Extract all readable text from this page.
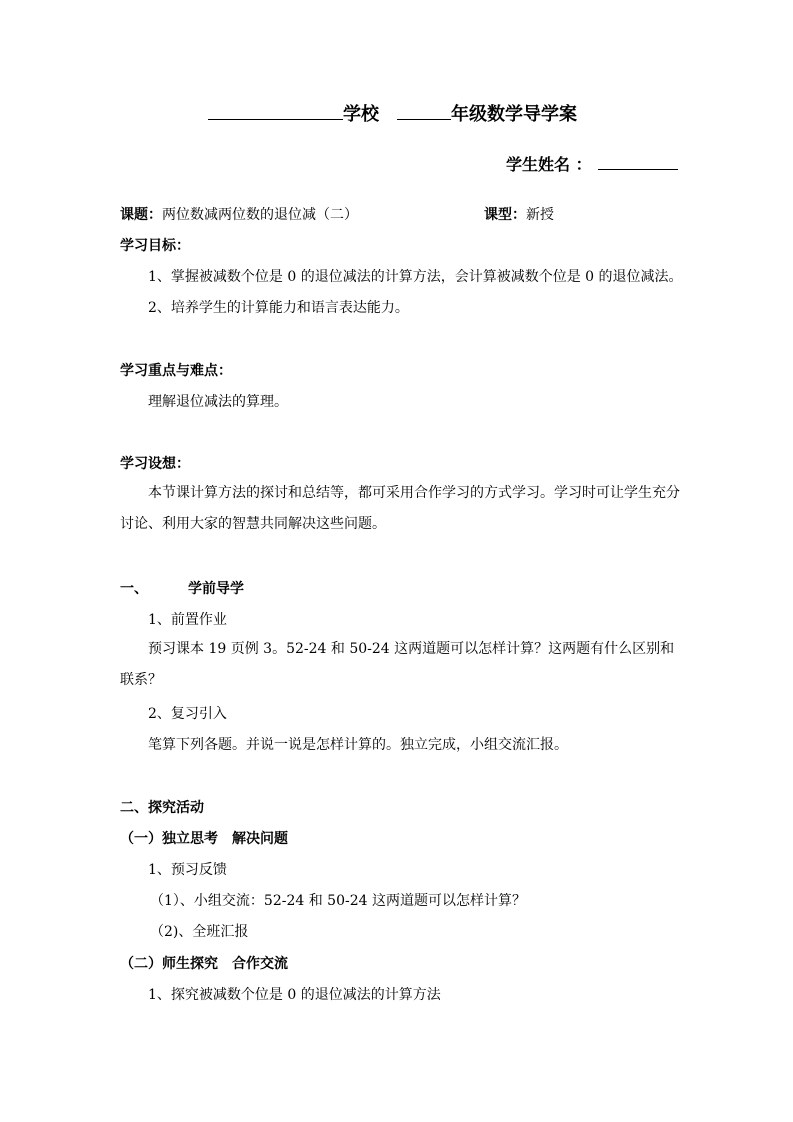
学校	年级数学导学案
学生姓名 ：
课题：两位数减两位数的退位减（二）	课型：新授
学习目标：
1、掌握被减数个位是 0 的退位减法的计算方法，会计算被减数个位是 0 的退位减法。
2、培养学生的计算能力和语言表达能力。
学习重点与难点：
理解退位减法的算理。
学习设想：
本节课计算方法的探讨和总结等，都可采用合作学习的方式学习。学习时可让学生充分讨论、利用大家的智慧共同解决这些问题。
一、	学前导学
1、前置作业
预习课本 19 页例 3。52-24 和 50-24 这两道题可以怎样计算？这两题有什么区别和联系？
2、复习引入
笔算下列各题。并说一说是怎样计算的。独立完成，小组交流汇报。
二、探究活动
（一）独立思考　解决问题
1、预习反馈
（1）、小组交流：52-24 和 50-24 这两道题可以怎样计算？
（2)、全班汇报
（二）师生探究　合作交流
1、探究被减数个位是 0 的退位减法的计算方法
